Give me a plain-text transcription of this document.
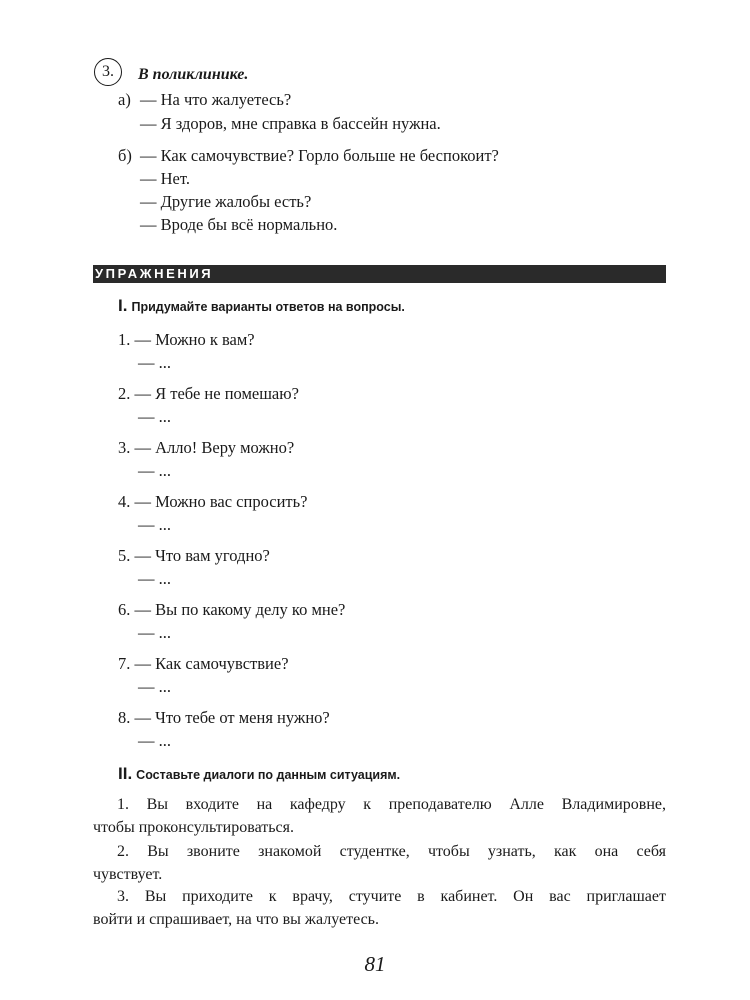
3.	В поликлинике.
а) — На что жалуетесь?
— Я здоров, мне справка в бассейн нужна.
б) — Как самочувствие? Горло больше не беспокоит?
— Нет.
— Другие жалобы есть?
— Вроде бы всё нормально.
УПРАЖНЕНИЯ
I. Придумайте варианты ответов на вопросы.
1. — Можно к вам?
— ...
2. — Я тебе не помешаю?
— ...
3. — Алло! Веру можно?
— ...
4. — Можно вас спросить?
— ...
5. — Что вам угодно?
— ...
6. — Вы по какому делу ко мне?
— ...
7. — Как самочувствие?
— ...
8. — Что тебе от меня нужно?
— ...
II. Составьте диалоги по данным ситуациям.
1. Вы входите на кафедру к преподавателю Алле Владимировне,
чтобы проконсультироваться.
2. Вы звоните знакомой студентке, чтобы узнать, как она себя
чувствует.
3. Вы приходите к врачу, стучите в кабинет. Он вас приглашает
войти и спрашивает, на что вы жалуетесь.
81
